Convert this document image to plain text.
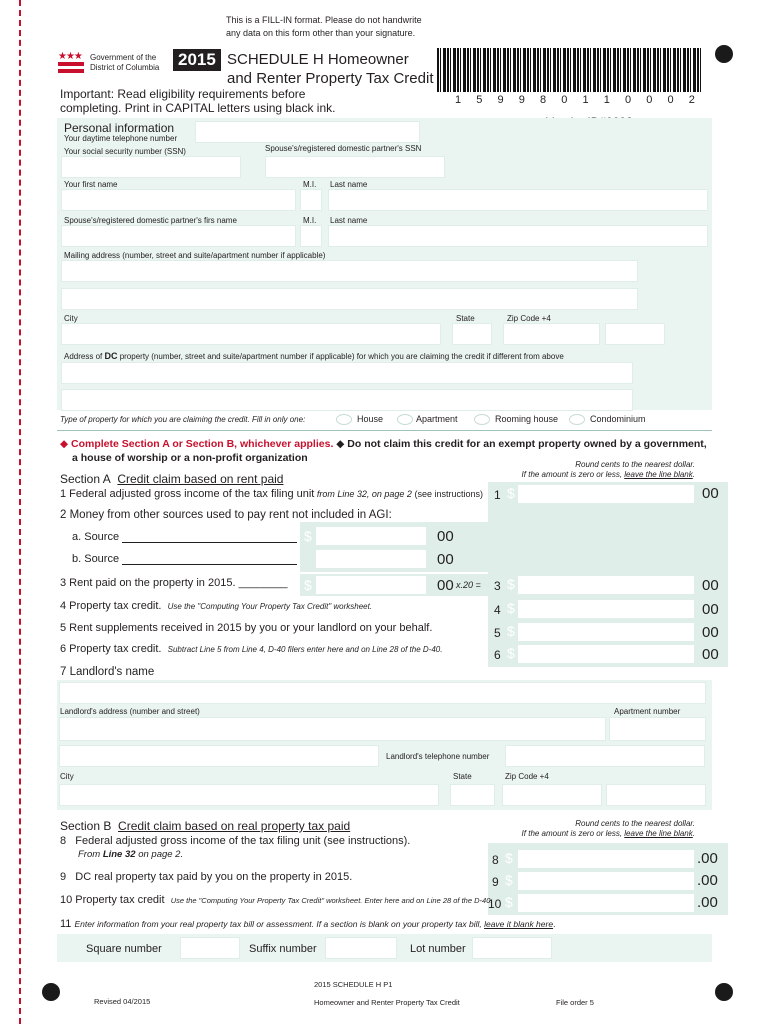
This is a FILL-IN format. Please do not handwrite
any data on this form other than your signature.
★★★ Government of the
District of Columbia 2015 SCHEDULE H Homeowner
and Renter Property Tax Credit
1 5 9 9 8 0 1 1 0 0 0 2
Important: Read eligibility requirements before
completing. Print in CAPITAL letters using black ink.
Personal information
Your daytime telephone number
Your social security number (SSN)	Spouse's/registered domestic partner's SSN
Your first name	M.I. Last name
Spouse's/registered domestic partner's firs name	M.I. Last name
Mailing address (number, street and suite/apartment number if applicable)
City	State	Zip Code +4
Address of DC property (number, street and suite/apartment number if applicable) for which you are claiming the credit if different from above
Type of property for which you are claiming the credit. Fill in only one:	House	Apartment	Rooming house	Condominium
◆ Complete Section A or Section B, whichever applies. ◆ Do not claim this credit for an exempt property owned by a government,
a house of worship or a non-profit organization
Section A Credit claim based on rent paid
Round cents to the nearest dollar.
If the amount is zero or less, leave the line blank.
1 Federal adjusted gross income of the tax filing unit from Line 32, on page 2 (see instructions) 1 $	00
2 Money from other sources used to pay rent not included in AGI:
a. Source	$	00
b. Source	00
3 Rent paid on the property in 2015. ________ $	00 x.20 = 3 $	00
4 Property tax credit. Use the "Computing Your Property Tax Credit" worksheet.	4 $	00
5 Rent supplements received in 2015 by you or your landlord on your behalf.	5 $	00
6 Property tax credit. Subtract Line 5 from Line 4, D-40 filers enter here and on Line 28 of the D-40.	6 $	00
7 Landlord's name
Landlord's address (number and street)	Apartment number
Landlord's telephone number
City	State	Zip Code +4
Section B Credit claim based on real property tax paid	Round cents to the nearest dollar.
If the amount is zero or less, leave the line blank.
8 Federal adjusted gross income of the tax filing unit (see instructions).
From Line 32 on page 2.	8 $	.00
9 DC real property tax paid by you on the property in 2015.	9 $	.00
10 Property tax credit Use the "Computing Your Property Tax Credit" worksheet. Enter here and on Line 28 of the D-40.
10 $	.00
11 Enter information from your real property tax bill or assessment. If a section is blank on your property tax bill, leave it blank here.
Square number	Suffix number	Lot number
2015 SCHEDULE H P1
Revised 04/2015	Homeowner and Renter Property Tax Credit	File order 5
